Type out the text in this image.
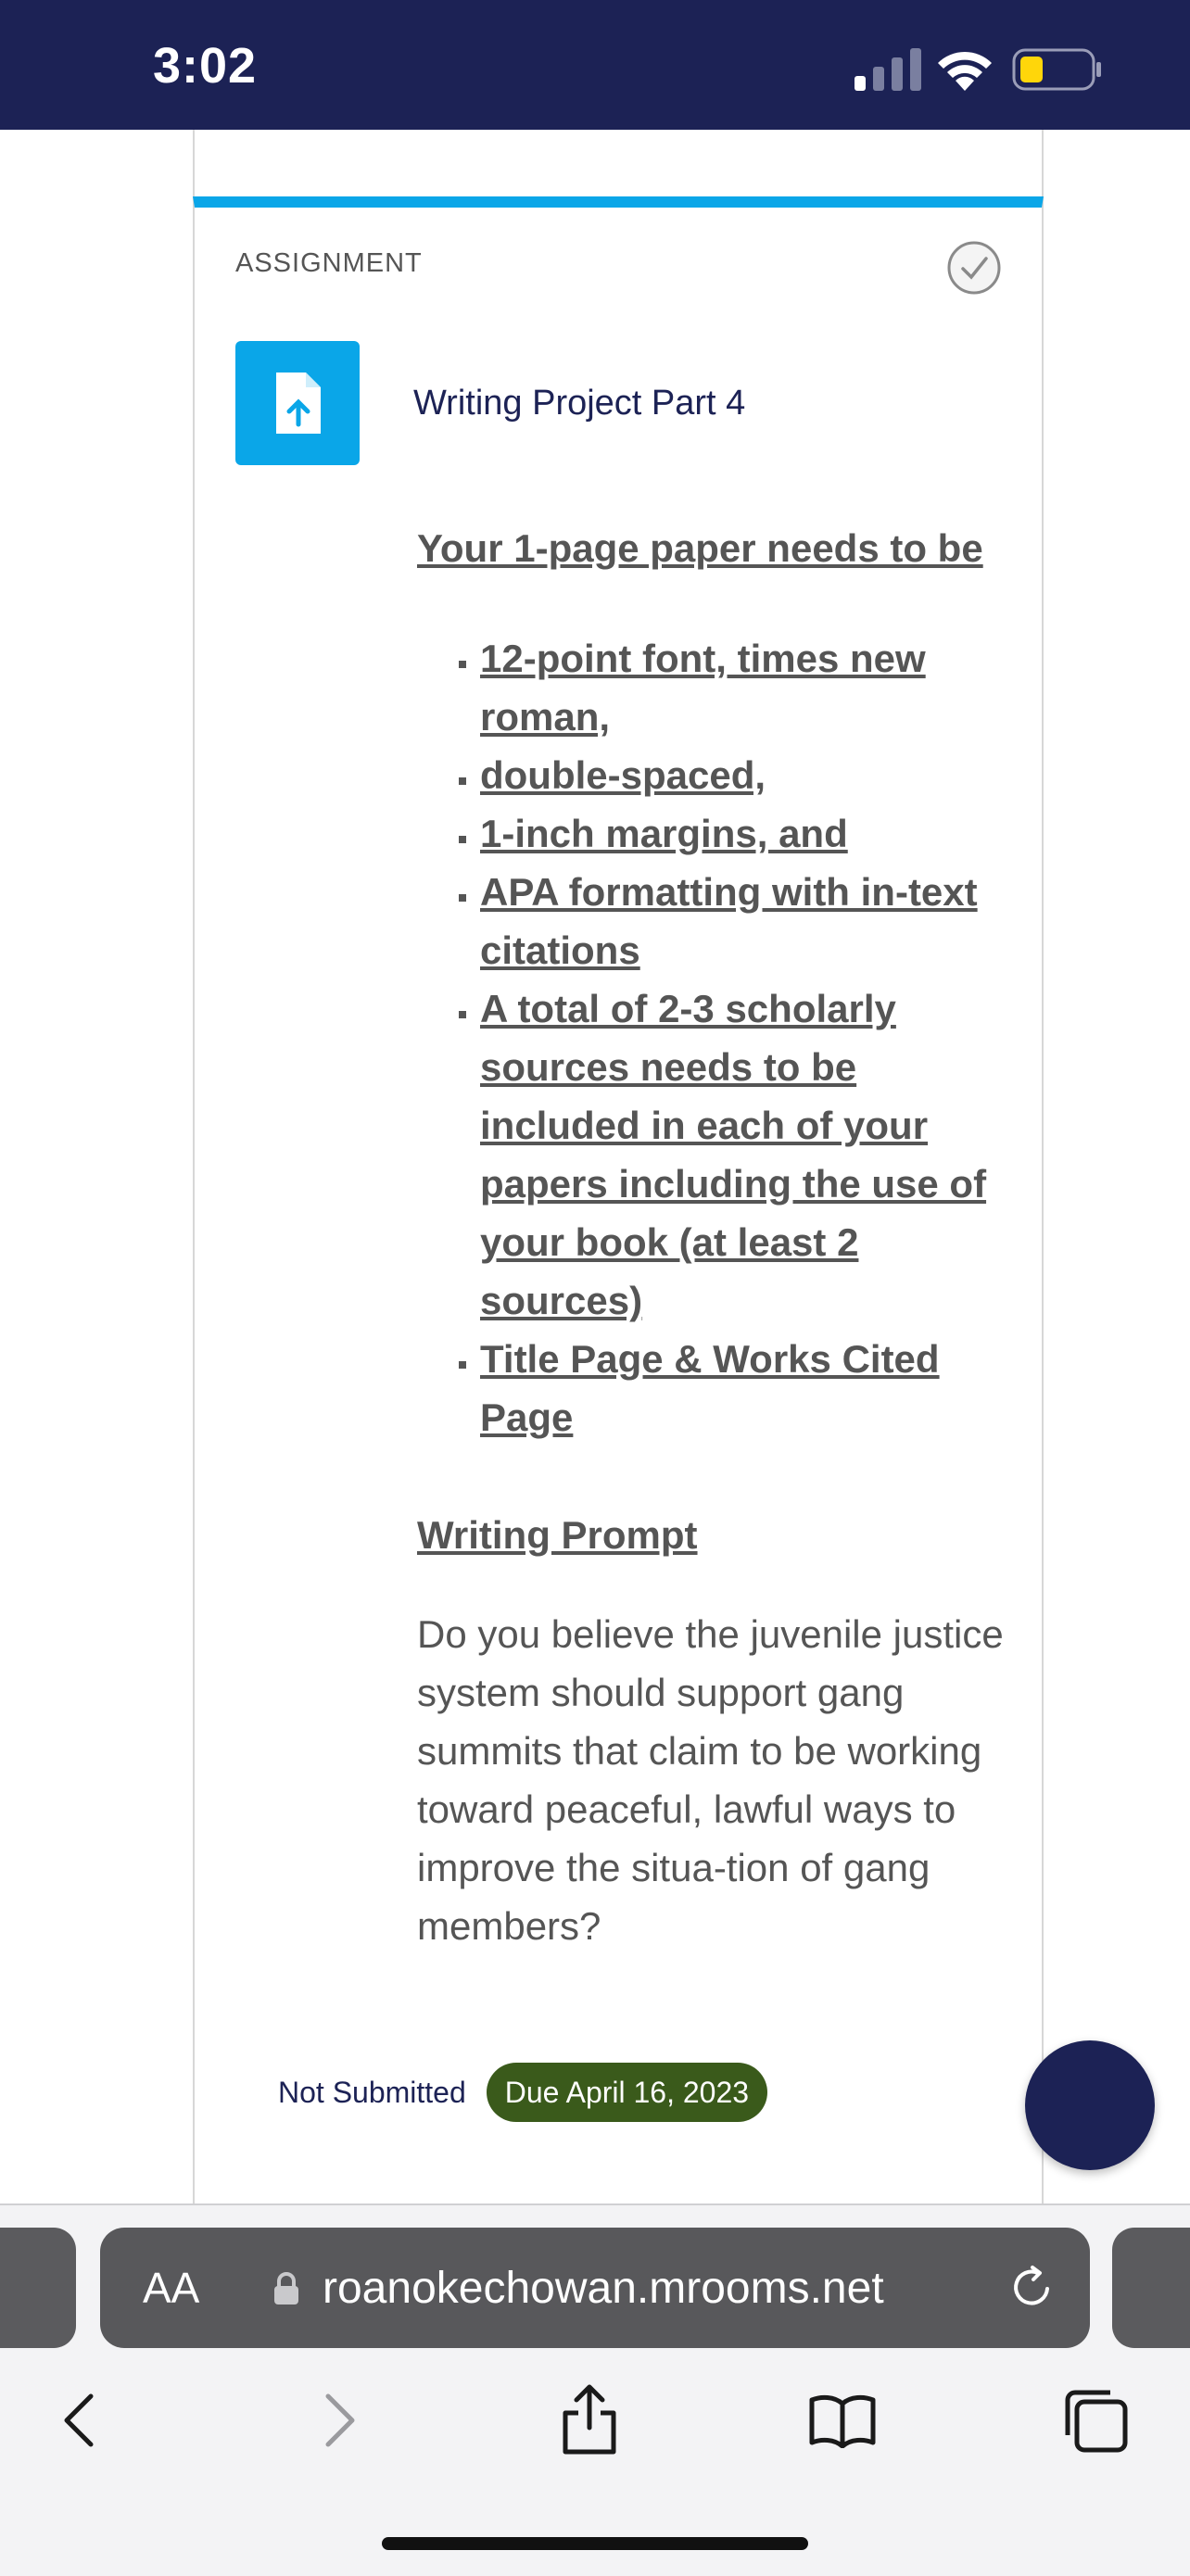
3:02
ASSIGNMENT
Writing Project Part 4
Your 1-page paper needs to be
▪ 12-point font, times new roman,
▪ double-spaced,
▪ 1-inch margins, and
▪ APA formatting with in-text citations
▪ A total of 2-3 scholarly sources needs to be included in each of your papers including the use of your book (at least 2 sources)
▪ Title Page & Works Cited Page
Writing Prompt
Do you believe the juvenile justice system should support gang summits that claim to be working toward peaceful, lawful ways to improve the situa-tion of gang members?
Not Submitted	Due April 16, 2023
AA	roanokechowan.mrooms.net
